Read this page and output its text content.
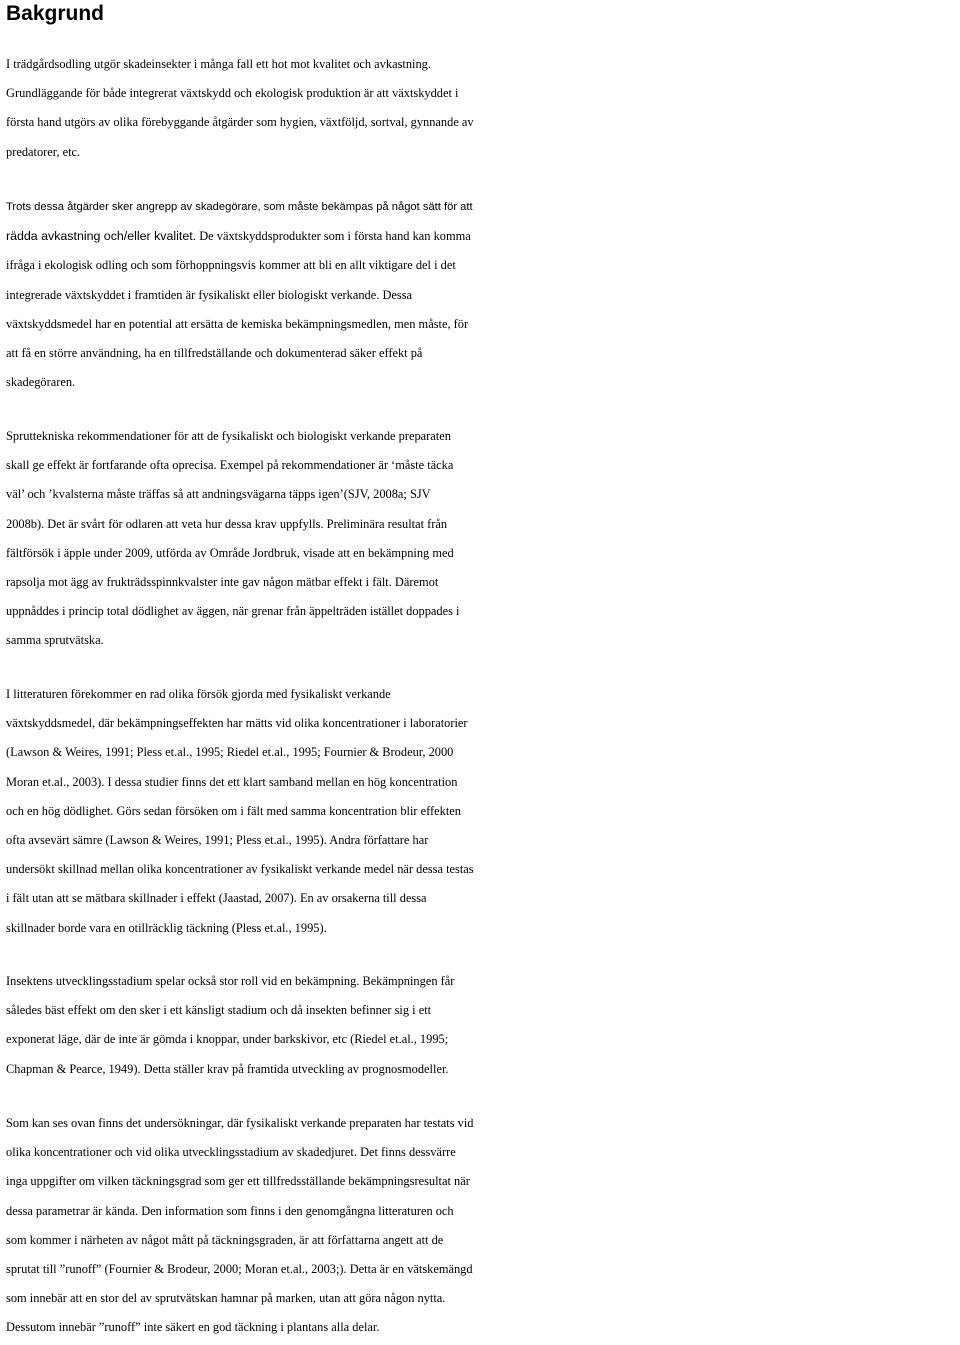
Bakgrund
I trädgårdsodling utgör skadeinsekter i många fall ett hot mot kvalitet och avkastning.
Grundläggande för både integrerat växtskydd och ekologisk produktion är att växtskyddet i
första hand utgörs av olika förebyggande åtgärder som hygien, växtföljd, sortval, gynnande av
predatorer, etc.
Trots dessa åtgärder sker angrepp av skadegörare, som måste bekämpas på något sätt för att
rädda avkastning och/eller kvalitet. De växtskyddsprodukter som i första hand kan komma
ifråga i ekologisk odling och som förhoppningsvis kommer att bli en allt viktigare del i det
integrerade växtskyddet i framtiden är fysikaliskt eller biologiskt verkande. Dessa
växtskyddsmedel har en potential att ersätta de kemiska bekämpningsmedlen, men måste, för
att få en större användning, ha en tillfredställande och dokumenterad säker effekt på
skadegöraren.
Spruttekniska rekommendationer för att de fysikaliskt och biologiskt verkande preparaten
skall ge effekt är fortfarande ofta oprecisa. Exempel på rekommendationer är ‘måste täcka
väl’ och ’kvalsterna måste träffas så att andningsvägarna täpps igen’(SJV, 2008a; SJV
2008b). Det är svårt för odlaren att veta hur dessa krav uppfylls. Preliminära resultat från
fältförsök i äpple under 2009, utförda av Område Jordbruk, visade att en bekämpning med
rapsolja mot ägg av frukträdsspinnkvalster inte gav någon mätbar effekt i fält. Däremot
uppnåddes i princip total dödlighet av äggen, när grenar från äppelträden istället doppades i
samma sprutvätska.
I litteraturen förekommer en rad olika försök gjorda med fysikaliskt verkande
växtskyddsmedel, där bekämpningseffekten har mätts vid olika koncentrationer i laboratorier
(Lawson & Weires, 1991; Pless et.al., 1995; Riedel et.al., 1995; Fournier & Brodeur, 2000
Moran et.al., 2003). I dessa studier finns det ett klart samband mellan en hög koncentration
och en hög dödlighet. Görs sedan försöken om i fält med samma koncentration blir effekten
ofta avsevärt sämre (Lawson & Weires, 1991; Pless et.al., 1995). Andra författare har
undersökt skillnad mellan olika koncentrationer av fysikaliskt verkande medel när dessa testas
i fält utan att se mätbara skillnader i effekt (Jaastad, 2007). En av orsakerna till dessa
skillnader borde vara en otillräcklig täckning (Pless et.al., 1995).
Insektens utvecklingsstadium spelar också stor roll vid en bekämpning. Bekämpningen får
således bäst effekt om den sker i ett känsligt stadium och då insekten befinner sig i ett
exponerat läge, där de inte är gömda i knoppar, under barkskivor, etc (Riedel et.al., 1995;
Chapman & Pearce, 1949). Detta ställer krav på framtida utveckling av prognosmodeller.
Som kan ses ovan finns det undersökningar, där fysikaliskt verkande preparaten har testats vid
olika koncentrationer och vid olika utvecklingsstadium av skadedjuret. Det finns dessvärre
inga uppgifter om vilken täckningsgrad som ger ett tillfredsställande bekämpningsresultat när
dessa parametrar är kända. Den information som finns i den genomgångna litteraturen och
som kommer i närheten av något mått på täckningsgraden, är att författarna angett att de
sprutat till ”runoff” (Fournier & Brodeur, 2000; Moran et.al., 2003;). Detta är en vätskemängd
som innebär att en stor del av sprutvätskan hamnar på marken, utan att göra någon nytta.
Dessutom innebär ”runoff” inte säkert en god täckning i plantans alla delar.
